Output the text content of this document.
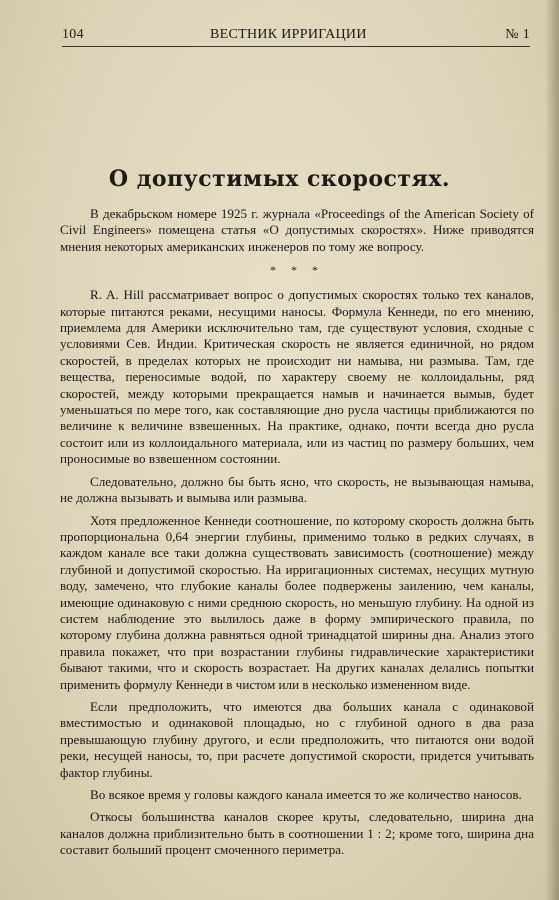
104	ВЕСТНИК ИРРИГАЦИИ	№ 1
О допустимых скоростях.

В декабрьском номере 1925 г. журнала «Proceedings of the American Society of Civil Engineers» помещена статья «О допустимых скоростях». Ниже приводятся мнения некоторых американских инженеров по тому же вопросу.

* * *

R. A. Hill рассматривает вопрос о допустимых скоростях только тех каналов, которые питаются реками, несущими наносы. Формула Кеннеди, по его мнению, приемлема для Америки исключительно там, где существуют условия, сходные с условиями Сев. Индии. Критическая скорость не является единичной, но рядом скоростей, в пределах которых не происходит ни намыва, ни размыва. Там, где вещества, переносимые водой, по характеру своему не коллоидальны, ряд скоростей, между которыми прекращается намыв и начинается вымыв, будет уменьшаться по мере того, как составляющие дно русла частицы приближаются по величине к величине взвешенных. На практике, однако, почти всегда дно русла состоит или из коллоидального материала, или из частиц по размеру больших, чем проносимые во взвешенном состоянии.

Следовательно, должно бы быть ясно, что скорость, не вызывающая намыва, не должна вызывать и вымыва или размыва.

Хотя предложенное Кеннеди соотношение, по которому скорость должна быть пропорциональна 0,64 энергии глубины, применимо только в редких случаях, в каждом канале все таки должна существовать зависимость (соотношение) между глубиной и допустимой скоростью. На ирригационных системах, несущих мутную воду, замечено, что глубокие каналы более подвержены заилению, чем каналы, имеющие одинаковую с ними среднюю скорость, но меньшую глубину. На одной из систем наблюдение это вылилось даже в форму эмпирического правила, по которому глубина должна равняться одной тринадцатой ширины дна. Анализ этого правила покажет, что при возрастании глубины гидравлические характеристики бывают такими, что и скорость возрастает. На других каналах делались попытки применить формулу Кеннеди в чистом или в несколько измененном виде.

Если предположить, что имеются два больших канала с одинаковой вместимостью и одинаковой площадью, но с глубиной одного в два раза превышающую глубину другого, и если предположить, что питаются они водой реки, несущей наносы, то, при расчете допустимой скорости, придется учитывать фактор глубины.

Во всякое время у головы каждого канала имеется то же количество наносов.

Откосы большинства каналов скорее круты, следовательно, ширина дна каналов должна приблизительно быть в соотношении 1 : 2; кроме того, ширина дна составит больший процент смоченного периметра.
